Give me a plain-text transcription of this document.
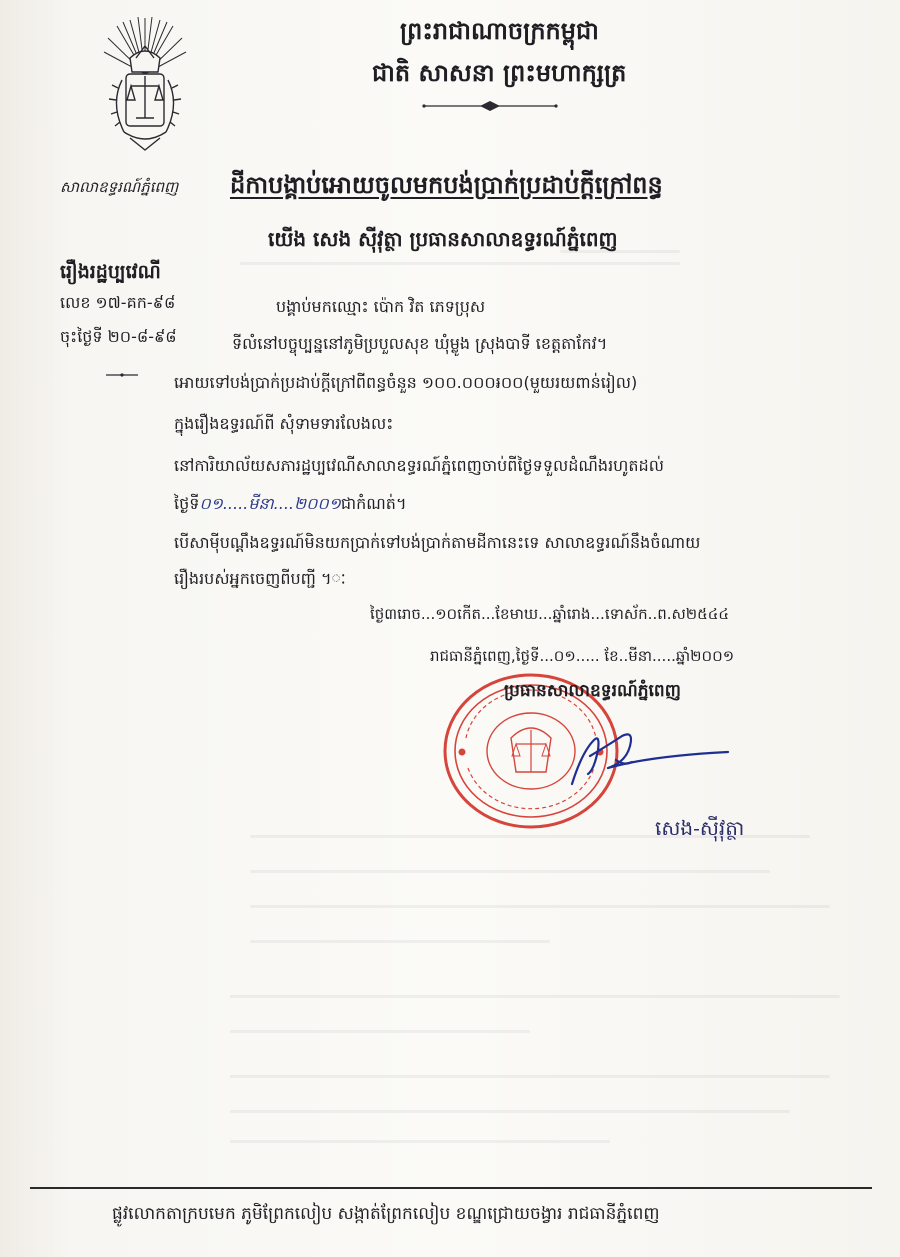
ព្រះរាជាណាចក្រកម្ពុជា
ជាតិ សាសនា ព្រះមហាក្សត្រ
សាលាឧទ្ធរណ៍ភ្នំពេញ ដីកាបង្គាប់អោយចូលមកបង់ប្រាក់ប្រដាប់ក្តីក្រៅពន្ធ
យើង សេង ស៊ីវុត្ថា ប្រធានសាលាឧទ្ធរណ៍ភ្នំពេញ
រឿងរដ្ឋប្បវេណី
លេខ ១៧-គក-៩៨
ចុះថ្ងៃទី ២០-៨-៩៨
បង្គាប់មកឈ្មោះ ប៉ោក វិត ភេទប្រុស
ទីលំនៅបច្ចុប្បន្ននៅភូមិប្របួលសុខ ឃុំម្លូង ស្រុងបាទី ខេត្តតាកែវ។
អោយទៅបង់ប្រាក់ប្រដាប់ក្តីក្រៅពីពន្ធចំនួន ១០០.០០០៛០០(មួយរយពាន់រៀល)
ក្នុងរឿងឧទ្ធរណ៍ពី សុំទាមទារលែងលះ
នៅការិយាល័យសភារដ្ឋប្បវេណីសាលាឧទ្ធរណ៍ភ្នំពេញចាប់ពីថ្ងៃទទួលដំណឹងរហូតដល់
ថ្ងៃទី០១.....មីនា....២០០១ជាកំណត់។
បើសាម៉ីបណ្តឹងឧទ្ធរណ៍មិនយកប្រាក់ទៅបង់ប្រាក់តាមដីកានេះទេ សាលាឧទ្ធរណ៍នឹងចំណាយ
រឿងរបស់អ្នកចេញពីបញ្ជី ។ៈ
ថ្ងៃ៣រោច...១០កើត...ខែមាឃ...ឆ្នាំរោង...ទោស័ក..ព.ស២៥៤៤
រាជធានីភ្នំពេញ,ថ្ងៃទី...០១..... ខែ..មីនា.....ឆ្នាំ២០០១
ប្រធានសាលាឧទ្ធរណ៍ភ្នំពេញ
សេង-ស៊ីវុត្ថា
ផ្លូវលោកតាក្របមេក ភូមិព្រែកលៀប សង្កាត់ព្រែកលៀប ខណ្ឌជ្រោយចង្វារ រាជធានីភ្នំពេញ
